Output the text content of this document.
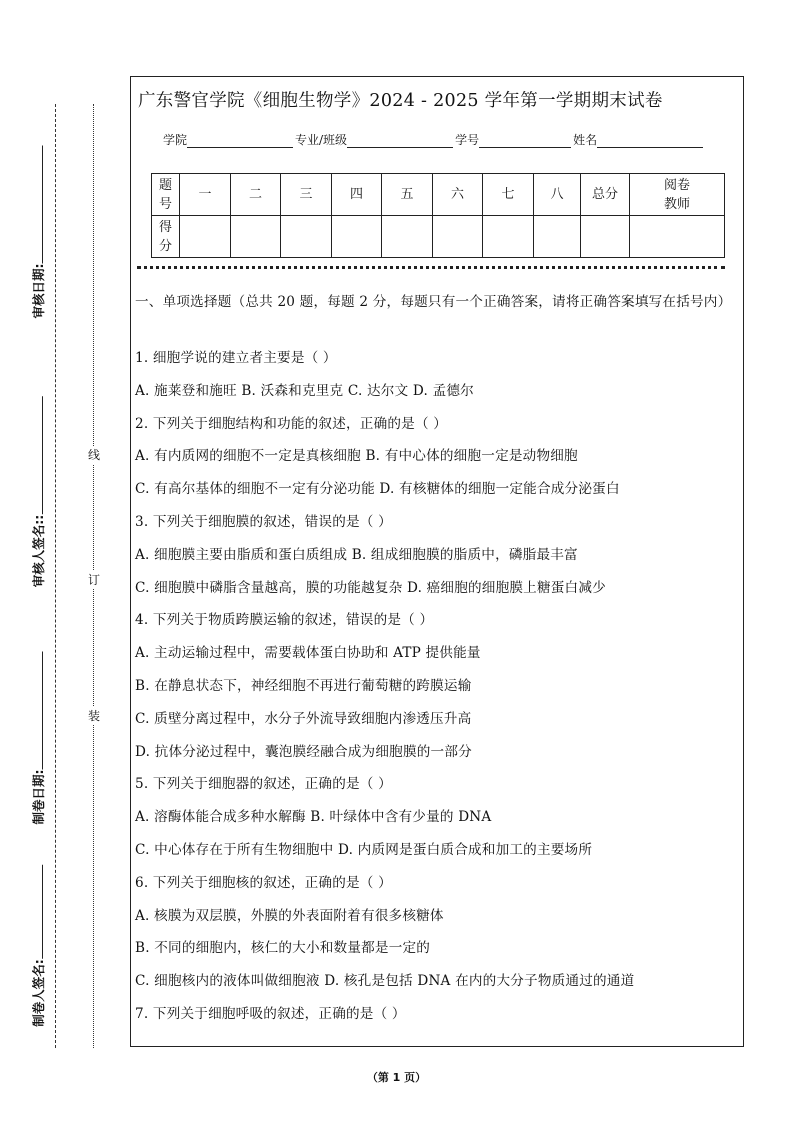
审核日期:
审核人签名::
制卷日期:
制卷人签名:
线
订
装
广东警官学院《细胞生物学》2024 - 2025 学年第一学期期末试卷
学院	专业/班级	学号	姓名
题号	一	二	三	四	五	六	七	八	总分	阅卷教师
得分										
一、单项选择题（总共 20 题，每题 2 分，每题只有一个正确答案，请将正确答案填写在括号内）
1. 细胞学说的建立者主要是（ ）
A. 施莱登和施旺 B. 沃森和克里克 C. 达尔文 D. 孟德尔
2. 下列关于细胞结构和功能的叙述，正确的是（ ）
A. 有内质网的细胞不一定是真核细胞 B. 有中心体的细胞一定是动物细胞
C. 有高尔基体的细胞不一定有分泌功能 D. 有核糖体的细胞一定能合成分泌蛋白
3. 下列关于细胞膜的叙述，错误的是（ ）
A. 细胞膜主要由脂质和蛋白质组成 B. 组成细胞膜的脂质中，磷脂最丰富
C. 细胞膜中磷脂含量越高，膜的功能越复杂 D. 癌细胞的细胞膜上糖蛋白减少
4. 下列关于物质跨膜运输的叙述，错误的是（ ）
A. 主动运输过程中，需要载体蛋白协助和 ATP 提供能量
B. 在静息状态下，神经细胞不再进行葡萄糖的跨膜运输
C. 质壁分离过程中，水分子外流导致细胞内渗透压升高
D. 抗体分泌过程中，囊泡膜经融合成为细胞膜的一部分
5. 下列关于细胞器的叙述，正确的是（ ）
A. 溶酶体能合成多种水解酶 B. 叶绿体中含有少量的 DNA
C. 中心体存在于所有生物细胞中 D. 内质网是蛋白质合成和加工的主要场所
6. 下列关于细胞核的叙述，正确的是（ ）
A. 核膜为双层膜，外膜的外表面附着有很多核糖体
B. 不同的细胞内，核仁的大小和数量都是一定的
C. 细胞核内的液体叫做细胞液 D. 核孔是包括 DNA 在内的大分子物质通过的通道
7. 下列关于细胞呼吸的叙述，正确的是（ ）
（第 1 页）
